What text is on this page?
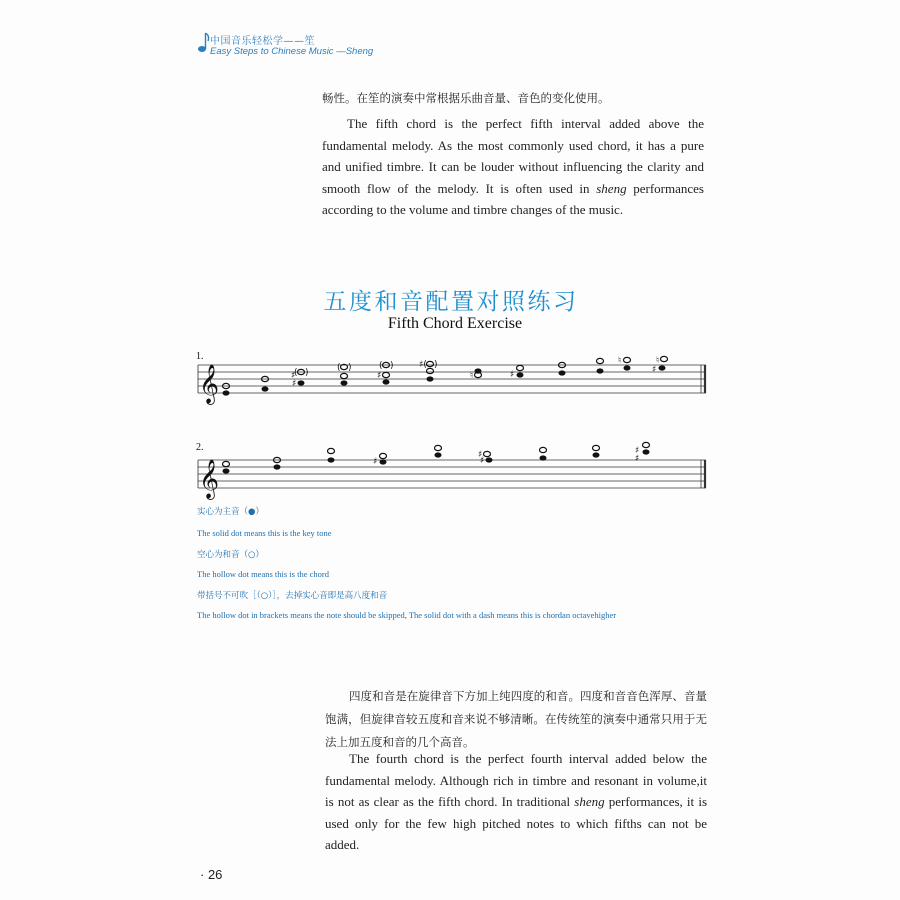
中国音乐轻松学——笙
Easy Steps to Chinese Music —Sheng
畅性。在笙的演奏中常根据乐曲音量、音色的变化使用。
The fifth chord is the perfect fifth interval added above the fundamental melody. As the most commonly used chord, it has a pure and unified timbre. It can be louder without influencing the clarity and smooth flow of the melody. It is often used in sheng performances according to the volume and timbre changes of the music.
五度和音配置对照练习
Fifth Chord Exercise
1.
𝄞	♯
( )
♯
( )	( )
♯
♯( )
♮	♯
♮	♮
♯
2.
𝄞	♯
♯
♯
♯
♯
实心为主音（●）
The solid dot means this is the key tone
空心为和音（○）
The hollow dot means this is the chord
带括号不可吹［（○）］，去掉实心音即是高八度和音
The hollow dot in brackets means the note should be skipped, The solid dot with a dash means this is chordan octavehigher
四度和音是在旋律音下方加上纯四度的和音。四度和音音色浑厚、音量饱满，但旋律音较五度和音来说不够清晰。在传统笙的演奏中通常只用于无法上加五度和音的几个高音。
The fourth chord is the perfect fourth interval added below the fundamental melody. Although rich in timbre and resonant in volume,it is not as clear as the fifth chord. In traditional sheng performances, it is used only for the few high pitched notes to which fifths can not be added.
· 26
